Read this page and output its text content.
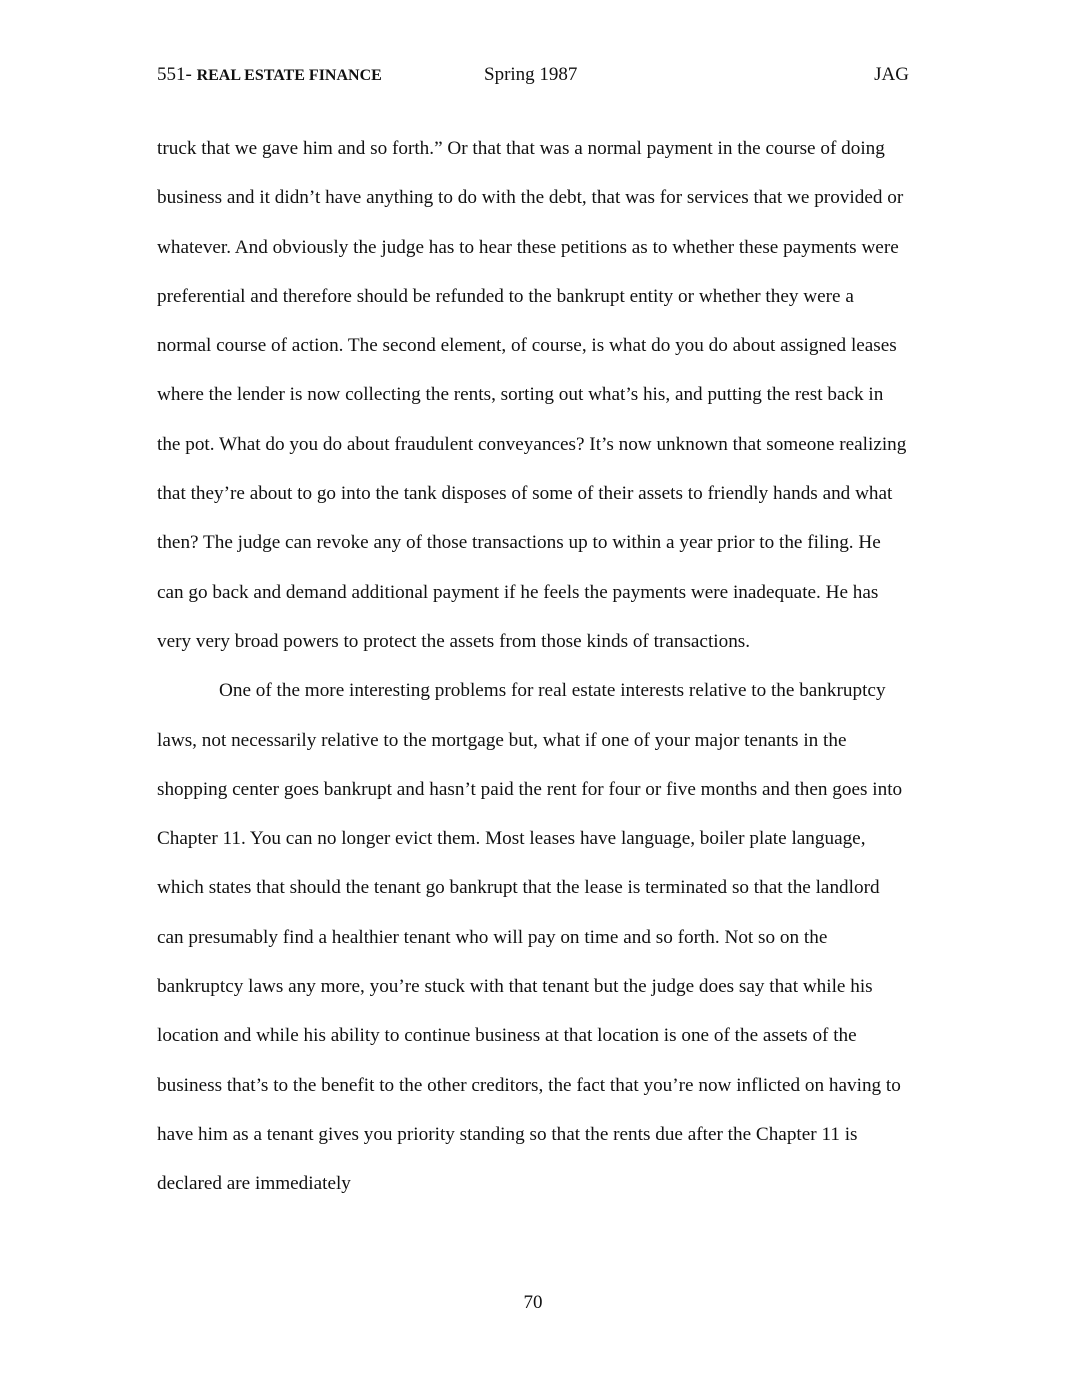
551- REAL ESTATE FINANCE	Spring 1987	JAG

truck that we gave him and so forth.” Or that that was a normal payment in the course of doing business and it didn’t have anything to do with the debt, that was for services that we provided or whatever. And obviously the judge has to hear these petitions as to whether these payments were preferential and therefore should be refunded to the bankrupt entity or whether they were a normal course of action. The second element, of course, is what do you do about assigned leases where the lender is now collecting the rents, sorting out what’s his, and putting the rest back in the pot. What do you do about fraudulent conveyances? It’s now unknown that someone realizing that they’re about to go into the tank disposes of some of their assets to friendly hands and what then? The judge can revoke any of those transactions up to within a year prior to the filing. He can go back and demand additional payment if he feels the payments were inadequate. He has very very broad powers to protect the assets from those kinds of transactions.

One of the more interesting problems for real estate interests relative to the bankruptcy laws, not necessarily relative to the mortgage but, what if one of your major tenants in the shopping center goes bankrupt and hasn’t paid the rent for four or five months and then goes into Chapter 11. You can no longer evict them. Most leases have language, boiler plate language, which states that should the tenant go bankrupt that the lease is terminated so that the landlord can presumably find a healthier tenant who will pay on time and so forth. Not so on the bankruptcy laws any more, you’re stuck with that tenant but the judge does say that while his location and while his ability to continue business at that location is one of the assets of the business that’s to the benefit to the other creditors, the fact that you’re now inflicted on having to have him as a tenant gives you priority standing so that the rents due after the Chapter 11 is declared are immediately

70
